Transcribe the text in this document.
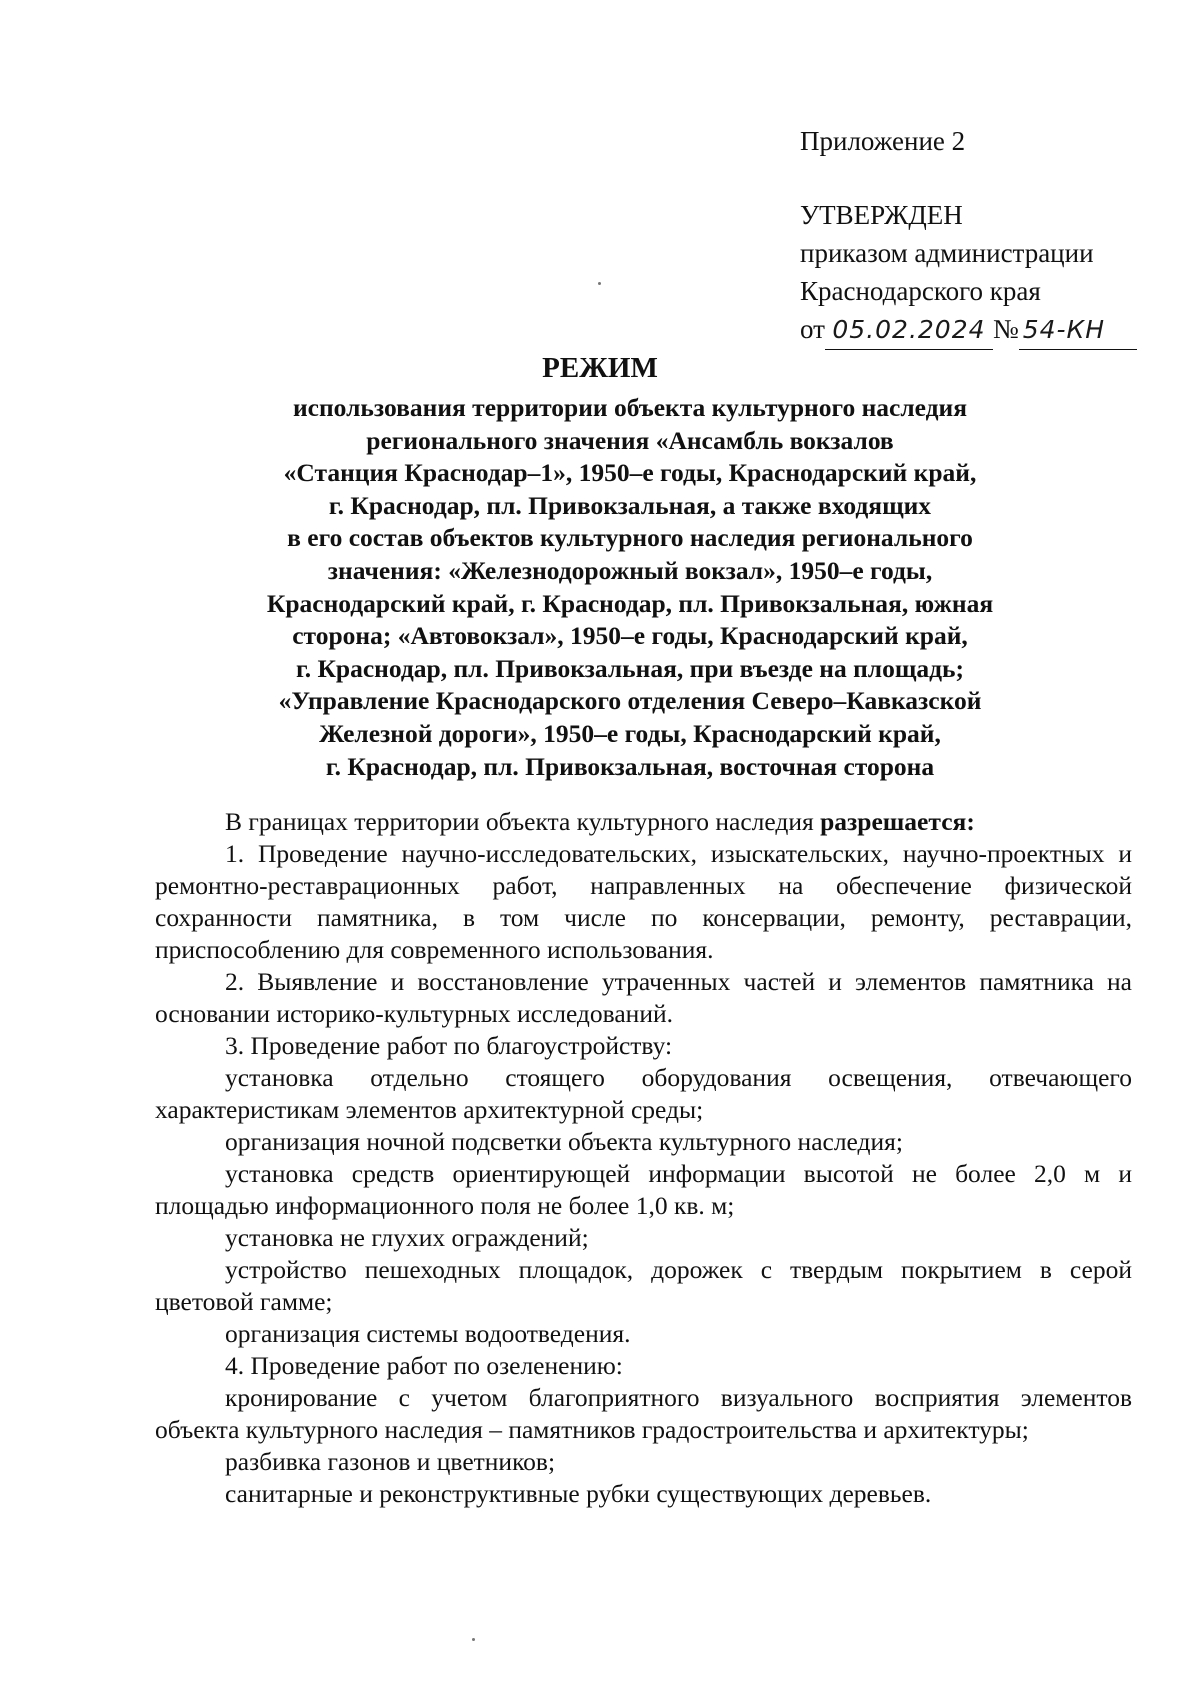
Приложение 2
УТВЕРЖДЕН
приказом администрации
Краснодарского края
от 05.02.2024 № 54-КН
РЕЖИМ
использования территории объекта культурного наследия
регионального значения «Ансамбль вокзалов
«Станция Краснодар–1», 1950–е годы, Краснодарский край,
г. Краснодар, пл. Привокзальная, а также входящих
в его состав объектов культурного наследия регионального
значения: «Железнодорожный вокзал», 1950–е годы,
Краснодарский край, г. Краснодар, пл. Привокзальная, южная
сторона; «Автовокзал», 1950–е годы, Краснодарский край,
г. Краснодар, пл. Привокзальная, при въезде на площадь;
«Управление Краснодарского отделения Северо–Кавказской
Железной дороги», 1950–е годы, Краснодарский край,
г. Краснодар, пл. Привокзальная, восточная сторона

В границах территории объекта культурного наследия разрешается:

1. Проведение научно-исследовательских, изыскательских, научно-проектных и ремонтно-реставрационных работ, направленных на обеспечение физической сохранности памятника, в том числе по консервации, ремонту, реставрации, приспособлению для современного использования.

2. Выявление и восстановление утраченных частей и элементов памятника на основании историко-культурных исследований.

3. Проведение работ по благоустройству:

установка отдельно стоящего оборудования освещения, отвечающего характеристикам элементов архитектурной среды;

организация ночной подсветки объекта культурного наследия;

установка средств ориентирующей информации высотой не более 2,0 м и площадью информационного поля не более 1,0 кв. м;

установка не глухих ограждений;

устройство пешеходных площадок, дорожек с твердым покрытием в серой цветовой гамме;

организация системы водоотведения.

4. Проведение работ по озеленению:

кронирование с учетом благоприятного визуального восприятия элементов объекта культурного наследия – памятников градостроительства и архитектуры;

разбивка газонов и цветников;

санитарные и реконструктивные рубки существующих деревьев.
